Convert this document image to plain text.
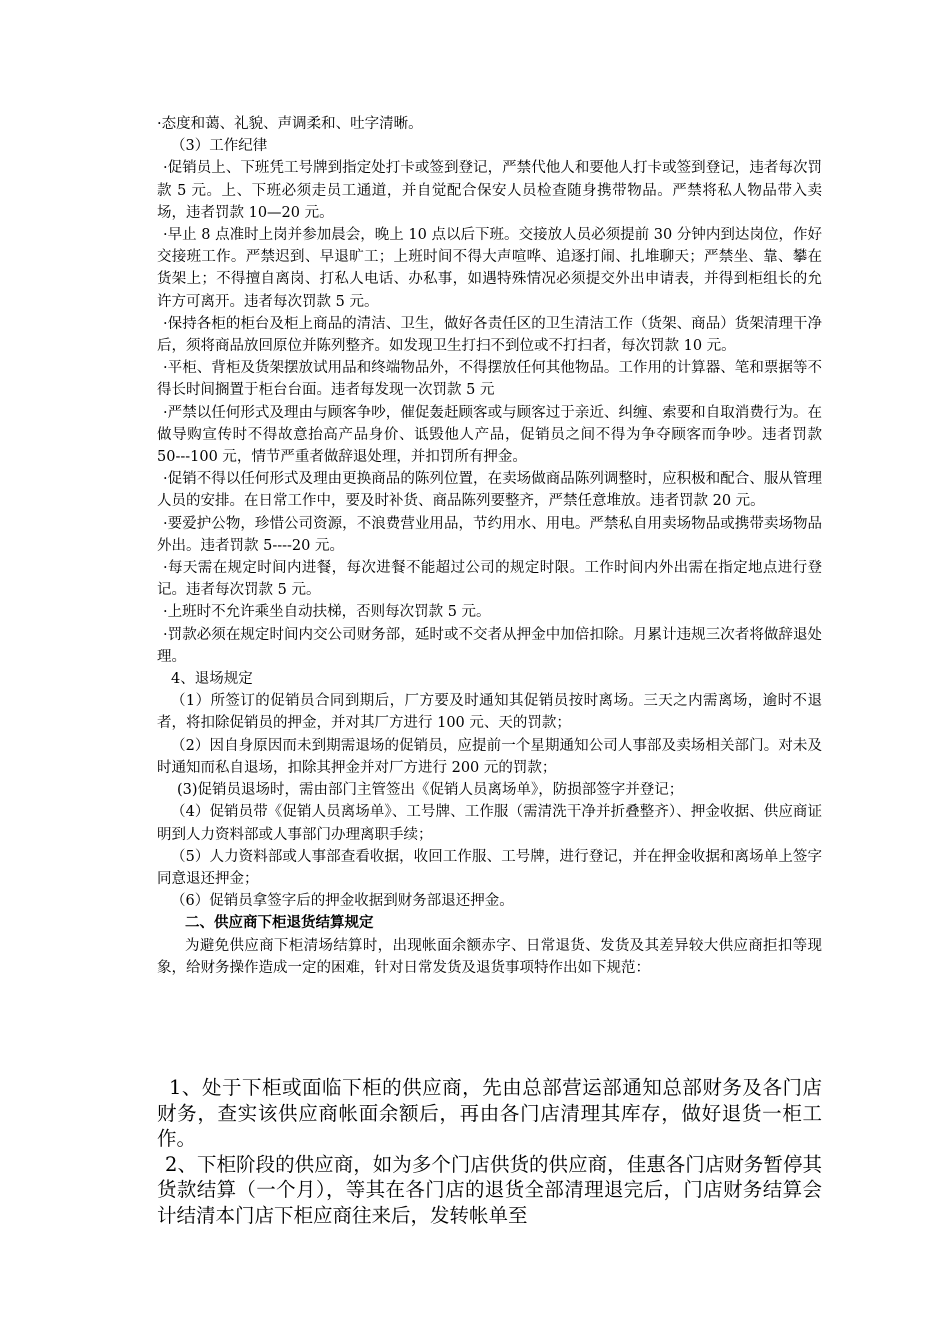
·态度和蔼、礼貌、声调柔和、吐字清晰。

（3）工作纪律

·促销员上、下班凭工号牌到指定处打卡或签到登记，严禁代他人和要他人打卡或签到登记，违者每次罚款 5 元。上、下班必须走员工通道，并自觉配合保安人员检查随身携带物品。严禁将私人物品带入卖场，违者罚款 10—20 元。

·早止 8 点准时上岗并参加晨会，晚上 10 点以后下班。交接放人员必须提前 30 分钟内到达岗位，作好交接班工作。严禁迟到、早退旷工；上班时间不得大声喧哗、追逐打闹、扎堆聊天；严禁坐、靠、攀在货架上；不得擅自离岗、打私人电话、办私事，如遇特殊情况必须提交外出申请表，并得到柜组长的允许方可离开。违者每次罚款 5 元。

·保持各柜的柜台及柜上商品的清洁、卫生，做好各责任区的卫生清洁工作（货架、商品）货架清理干净后，须将商品放回原位并陈列整齐。如发现卫生打扫不到位或不打扫者，每次罚款 10 元。

·平柜、背柜及货架摆放试用品和终端物品外，不得摆放任何其他物品。工作用的计算器、笔和票据等不得长时间搁置于柜台台面。违者每发现一次罚款 5 元

·严禁以任何形式及理由与顾客争吵，催促轰赶顾客或与顾客过于亲近、纠缠、索要和自取消费行为。在做导购宣传时不得故意抬高产品身价、诋毁他人产品，促销员之间不得为争夺顾客而争吵。违者罚款 50---100 元，情节严重者做辞退处理，并扣罚所有押金。

·促销不得以任何形式及理由更换商品的陈列位置，在卖场做商品陈列调整时，应积极和配合、服从管理人员的安排。在日常工作中，要及时补货、商品陈列要整齐，严禁任意堆放。违者罚款 20 元。

·要爱护公物，珍惜公司资源，不浪费营业用品，节约用水、用电。严禁私自用卖场物品或携带卖场物品外出。违者罚款 5----20 元。

·每天需在规定时间内进餐，每次进餐不能超过公司的规定时限。工作时间内外出需在指定地点进行登记。违者每次罚款 5 元。

·上班时不允许乘坐自动扶梯，否则每次罚款 5 元。

·罚款必须在规定时间内交公司财务部，延时或不交者从押金中加倍扣除。月累计违规三次者将做辞退处理。

4、退场规定

（1）所签订的促销员合同到期后，厂方要及时通知其促销员按时离场。三天之内需离场，逾时不退者，将扣除促销员的押金，并对其厂方进行 100 元、天的罚款；

（2）因自身原因而未到期需退场的促销员，应提前一个星期通知公司人事部及卖场相关部门。对未及时通知而私自退场，扣除其押金并对厂方进行 200 元的罚款；

(3)促销员退场时，需由部门主管签出《促销人员离场单》，防损部签字并登记；

（4）促销员带《促销人员离场单》、工号牌、工作服（需清洗干净并折叠整齐）、押金收据、供应商证明到人力资料部或人事部门办理离职手续；

（5）人力资料部或人事部查看收据，收回工作服、工号牌，进行登记，并在押金收据和离场单上签字同意退还押金；

（6）促销员拿签字后的押金收据到财务部退还押金。

二、供应商下柜退货结算规定

为避免供应商下柜清场结算时，出现帐面余额赤字、日常退货、发货及其差异较大供应商拒扣等现象，给财务操作造成一定的困难，针对日常发货及退货事项特作出如下规范：

1、处于下柜或面临下柜的供应商，先由总部营运部通知总部财务及各门店财务，查实该供应商帐面余额后，再由各门店清理其库存，做好退货一柜工作。

2、下柜阶段的供应商，如为多个门店供货的供应商，佳惠各门店财务暂停其货款结算（一个月），等其在各门店的退货全部清理退完后，门店财务结算会计结清本门店下柜应商往来后，发转帐单至
